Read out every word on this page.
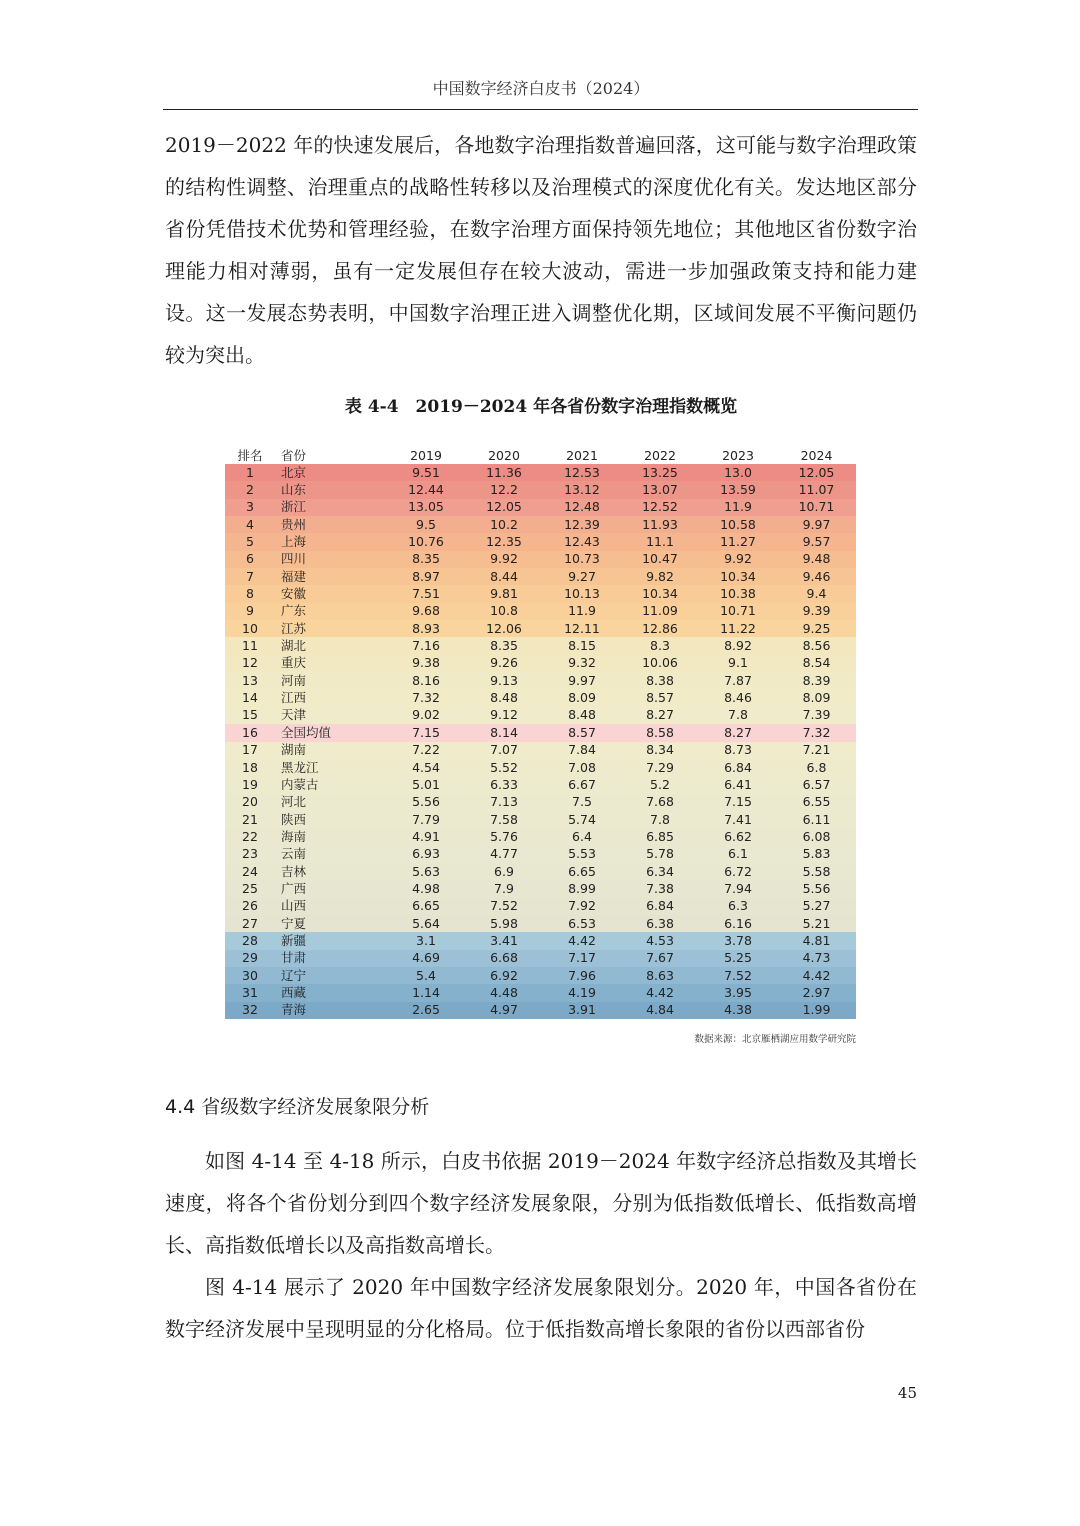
中国数字经济白皮书（2024）

2019－2022 年的快速发展后，各地数字治理指数普遍回落，这可能与数字治理政策的结构性调整、治理重点的战略性转移以及治理模式的深度优化有关。发达地区部分省份凭借技术优势和管理经验，在数字治理方面保持领先地位；其他地区省份数字治理能力相对薄弱，虽有一定发展但存在较大波动，需进一步加强政策支持和能力建设。这一发展态势表明，中国数字治理正进入调整优化期，区域间发展不平衡问题仍较为突出。

表 4-4　2019－2024 年各省份数字治理指数概览
排名	省份	2019	2020	2021	2022	2023	2024
1	北京	9.51	11.36	12.53	13.25	13.0	12.05
2	山东	12.44	12.2	13.12	13.07	13.59	11.07
3	浙江	13.05	12.05	12.48	12.52	11.9	10.71
4	贵州	9.5	10.2	12.39	11.93	10.58	9.97
5	上海	10.76	12.35	12.43	11.1	11.27	9.57
6	四川	8.35	9.92	10.73	10.47	9.92	9.48
7	福建	8.97	8.44	9.27	9.82	10.34	9.46
8	安徽	7.51	9.81	10.13	10.34	10.38	9.4
9	广东	9.68	10.8	11.9	11.09	10.71	9.39
10	江苏	8.93	12.06	12.11	12.86	11.22	9.25
11	湖北	7.16	8.35	8.15	8.3	8.92	8.56
12	重庆	9.38	9.26	9.32	10.06	9.1	8.54
13	河南	8.16	9.13	9.97	8.38	7.87	8.39
14	江西	7.32	8.48	8.09	8.57	8.46	8.09
15	天津	9.02	9.12	8.48	8.27	7.8	7.39
16	全国均值	7.15	8.14	8.57	8.58	8.27	7.32
17	湖南	7.22	7.07	7.84	8.34	8.73	7.21
18	黑龙江	4.54	5.52	7.08	7.29	6.84	6.8
19	内蒙古	5.01	6.33	6.67	5.2	6.41	6.57
20	河北	5.56	7.13	7.5	7.68	7.15	6.55
21	陕西	7.79	7.58	5.74	7.8	7.41	6.11
22	海南	4.91	5.76	6.4	6.85	6.62	6.08
23	云南	6.93	4.77	5.53	5.78	6.1	5.83
24	吉林	5.63	6.9	6.65	6.34	6.72	5.58
25	广西	4.98	7.9	8.99	7.38	7.94	5.56
26	山西	6.65	7.52	7.92	6.84	6.3	5.27
27	宁夏	5.64	5.98	6.53	6.38	6.16	5.21
28	新疆	3.1	3.41	4.42	4.53	3.78	4.81
29	甘肃	4.69	6.68	7.17	7.67	5.25	4.73
30	辽宁	5.4	6.92	7.96	8.63	7.52	4.42
31	西藏	1.14	4.48	4.19	4.42	3.95	2.97
32	青海	2.65	4.97	3.91	4.84	4.38	1.99
数据来源：北京雁栖湖应用数学研究院
4.4 省级数字经济发展象限分析

如图 4-14 至 4-18 所示，白皮书依据 2019－2024 年数字经济总指数及其增长速度，将各个省份划分到四个数字经济发展象限，分别为低指数低增长、低指数高增长、高指数低增长以及高指数高增长。

图 4-14 展示了 2020 年中国数字经济发展象限划分。2020 年，中国各省份在数字经济发展中呈现明显的分化格局。位于低指数高增长象限的省份以西部省份

45
